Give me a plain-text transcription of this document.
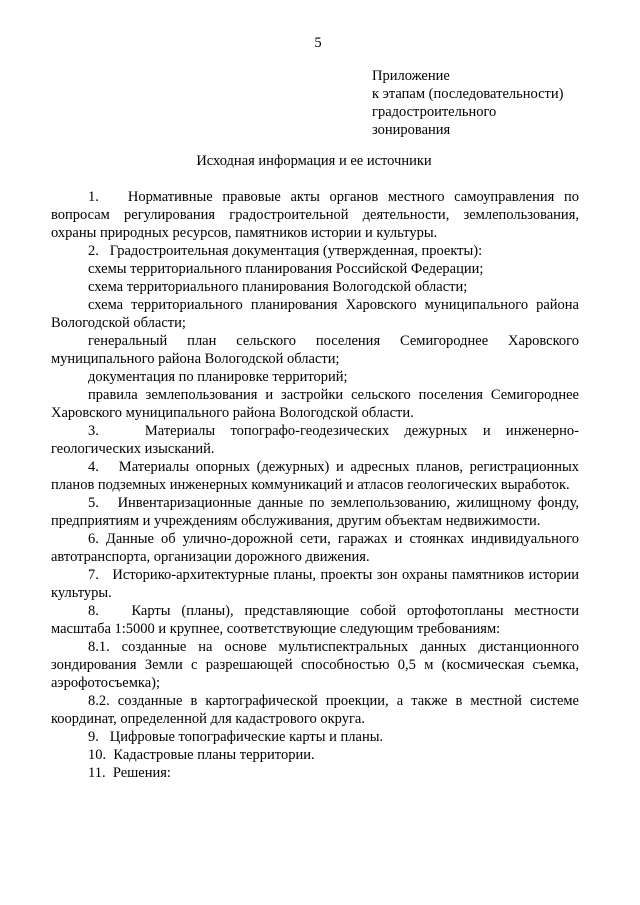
5
Приложение
к этапам (последовательности)
градостроительного
зонирования
Исходная информация и ее источники

1.   Нормативные правовые акты органов местного самоуправления по вопросам регулирования градостроительной деятельности, землепользования, охраны природных ресурсов, памятников истории и культуры.

2.   Градостроительная документация (утвержденная, проекты):

схемы территориального планирования Российской Федерации;

схема территориального планирования Вологодской области;

схема территориального планирования Харовского муниципального района Вологодской области;

генеральный план сельского поселения Семигороднее Харовского муниципального района Вологодской области;

документация по планировке территорий;

правила землепользования и застройки сельского поселения Семигороднее Харовского муниципального района Вологодской области.

3.   Материалы топографо-геодезических дежурных и инженерно-геологических изысканий.

4.   Материалы опорных (дежурных) и адресных планов, регистрационных планов подземных инженерных коммуникаций и атласов геологических выработок.

5.   Инвентаризационные данные по землепользованию, жилищному фонду, предприятиям и учреждениям обслуживания, другим объектам недвижимости.

6. Данные об улично-дорожной сети, гаражах и стоянках индивидуального автотранспорта, организации дорожного движения.

7.   Историко-архитектурные планы, проекты зон охраны памятников истории культуры.

8.   Карты (планы), представляющие собой ортофотопланы местности масштаба 1:5000 и крупнее, соответствующие следующим требованиям:

8.1. созданные на основе мультиспектральных данных дистанционного зондирования Земли с разрешающей способностью 0,5 м (космическая съемка, аэрофотосъемка);

8.2. созданные в картографической проекции, а также в местной системе координат, определенной для кадастрового округа.

9.   Цифровые топографические карты и планы.

10.  Кадастровые планы территории.

11.  Решения:
